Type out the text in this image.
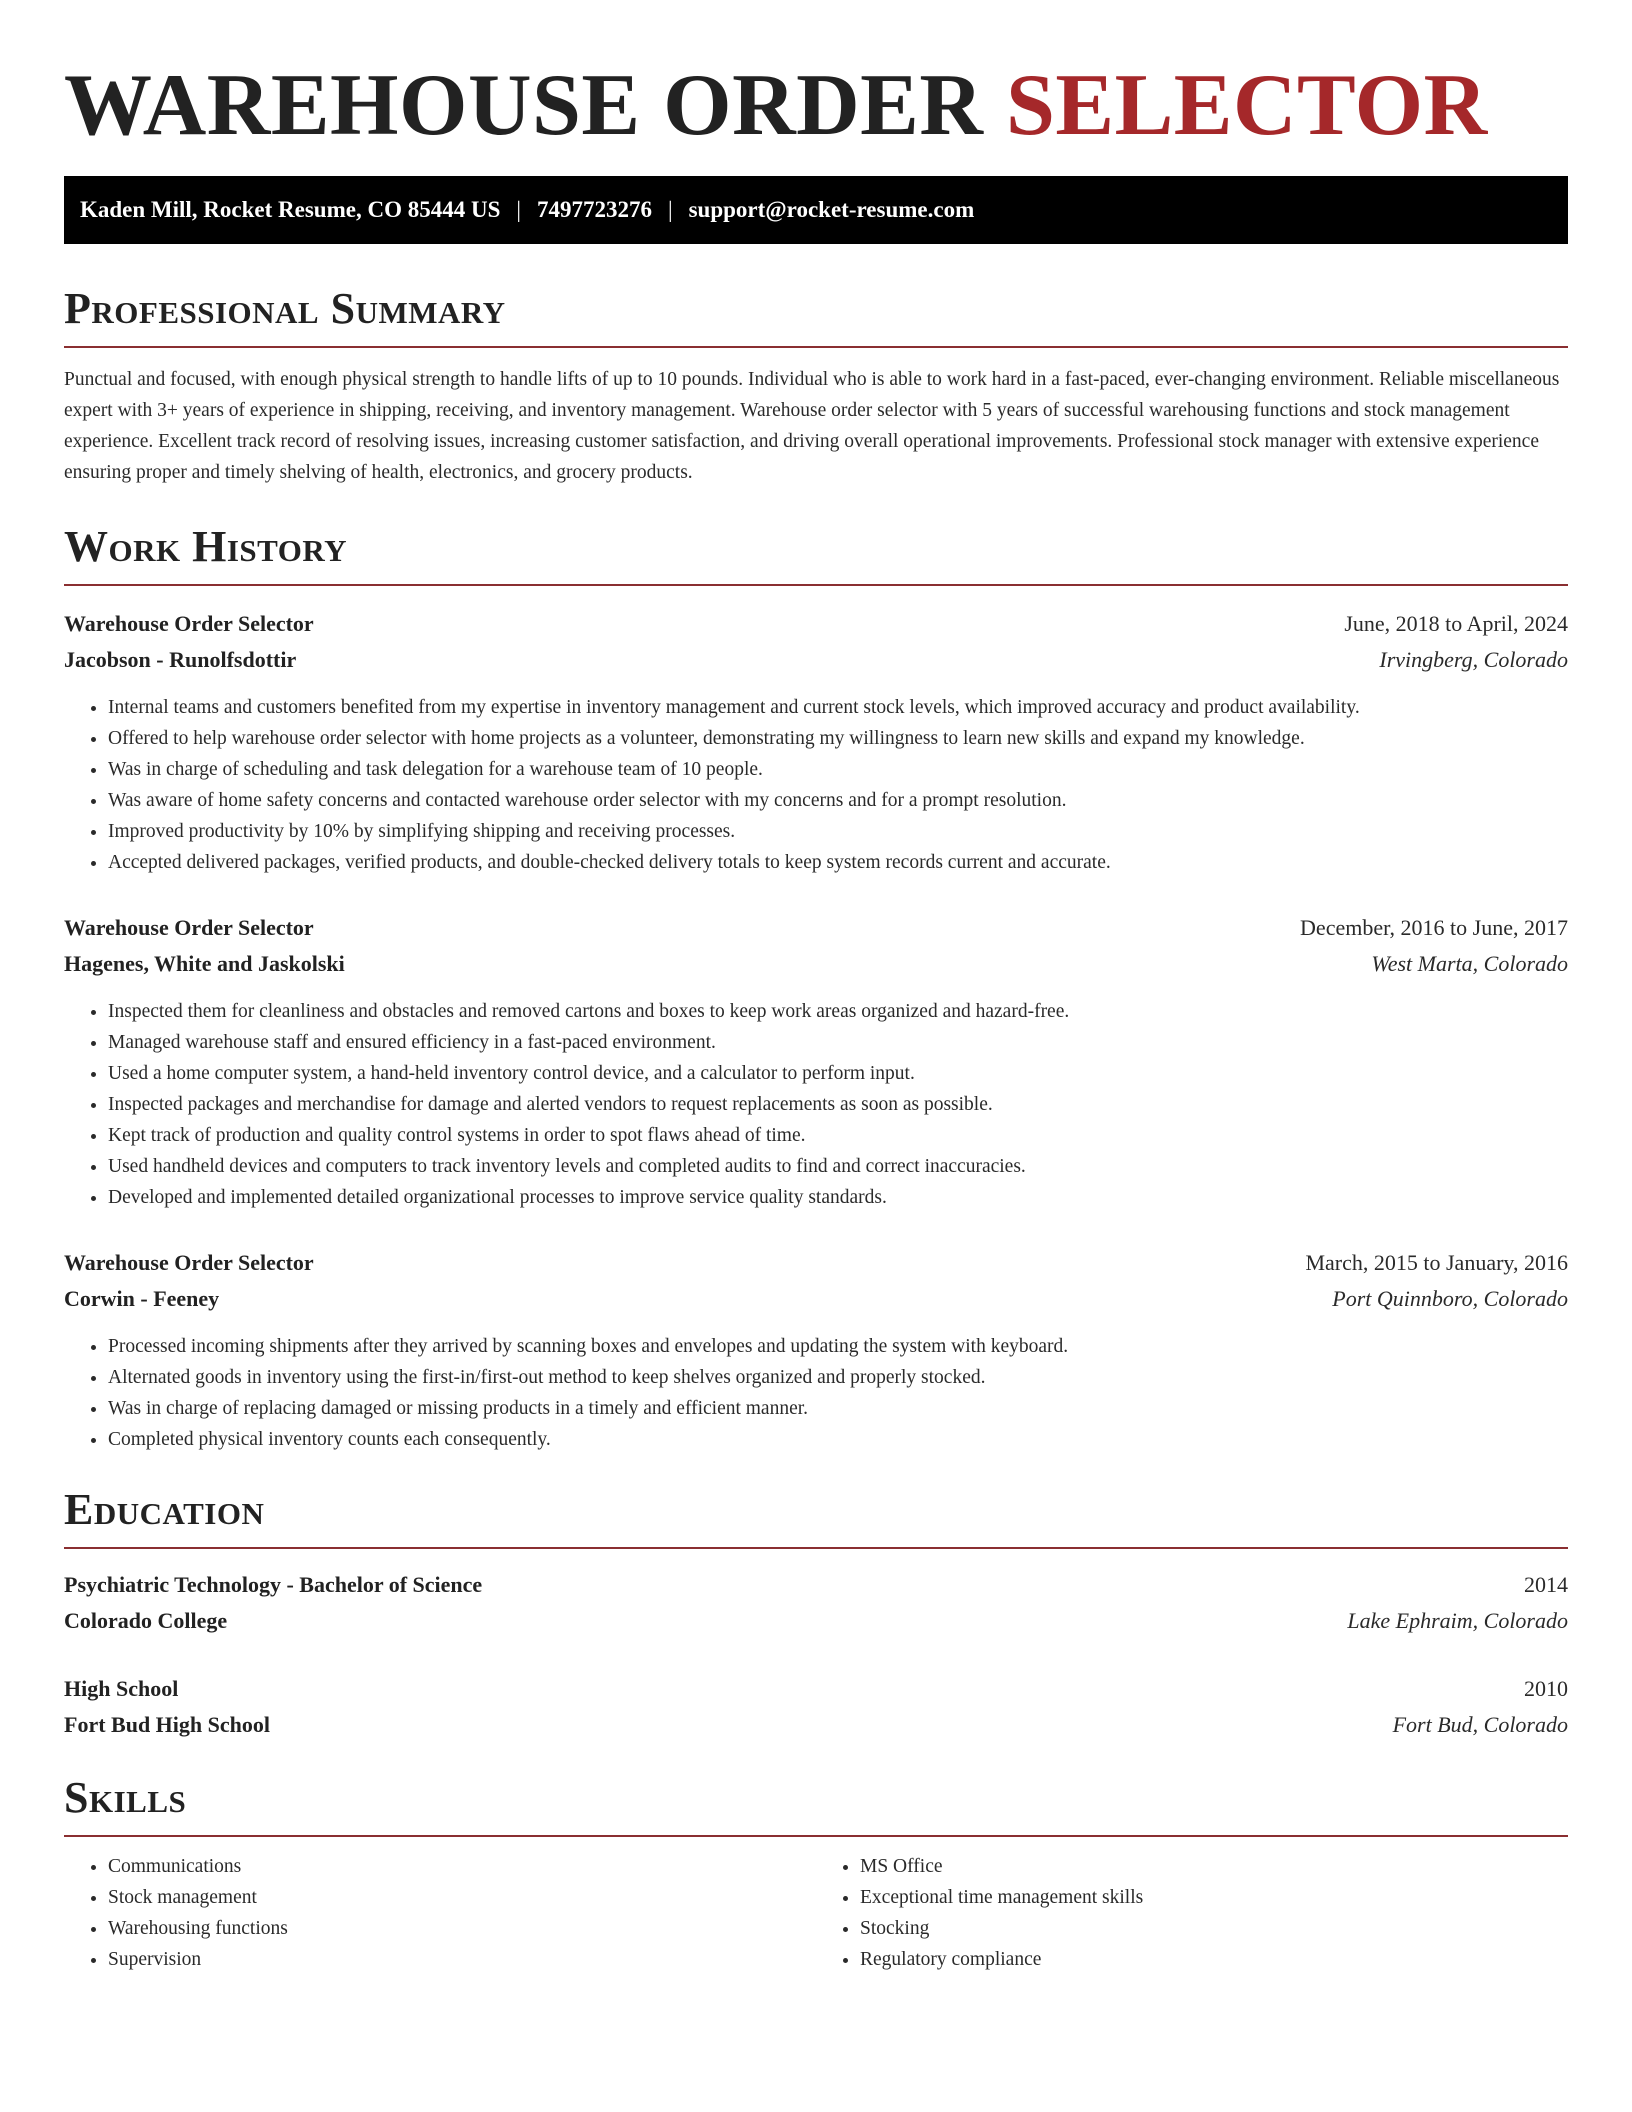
WAREHOUSE ORDER SELECTOR
Kaden Mill, Rocket Resume, CO 85444 US | 7497723276 | support@rocket-resume.com
Professional Summary
Punctual and focused, with enough physical strength to handle lifts of up to 10 pounds. Individual who is able to work hard in a fast-paced, ever-changing environment. Reliable miscellaneous expert with 3+ years of experience in shipping, receiving, and inventory management. Warehouse order selector with 5 years of successful warehousing functions and stock management experience. Excellent track record of resolving issues, increasing customer satisfaction, and driving overall operational improvements. Professional stock manager with extensive experience ensuring proper and timely shelving of health, electronics, and grocery products.
Work History
Warehouse Order Selector	June, 2018 to April, 2024
Jacobson - Runolfsdottir	Irvingberg, Colorado
• Internal teams and customers benefited from my expertise in inventory management and current stock levels, which improved accuracy and product availability.
• Offered to help warehouse order selector with home projects as a volunteer, demonstrating my willingness to learn new skills and expand my knowledge.
• Was in charge of scheduling and task delegation for a warehouse team of 10 people.
• Was aware of home safety concerns and contacted warehouse order selector with my concerns and for a prompt resolution.
• Improved productivity by 10% by simplifying shipping and receiving processes.
• Accepted delivered packages, verified products, and double-checked delivery totals to keep system records current and accurate.
Warehouse Order Selector	December, 2016 to June, 2017
Hagenes, White and Jaskolski	West Marta, Colorado
• Inspected them for cleanliness and obstacles and removed cartons and boxes to keep work areas organized and hazard-free.
• Managed warehouse staff and ensured efficiency in a fast-paced environment.
• Used a home computer system, a hand-held inventory control device, and a calculator to perform input.
• Inspected packages and merchandise for damage and alerted vendors to request replacements as soon as possible.
• Kept track of production and quality control systems in order to spot flaws ahead of time.
• Used handheld devices and computers to track inventory levels and completed audits to find and correct inaccuracies.
• Developed and implemented detailed organizational processes to improve service quality standards.
Warehouse Order Selector	March, 2015 to January, 2016
Corwin - Feeney	Port Quinnboro, Colorado
• Processed incoming shipments after they arrived by scanning boxes and envelopes and updating the system with keyboard.
• Alternated goods in inventory using the first-in/first-out method to keep shelves organized and properly stocked.
• Was in charge of replacing damaged or missing products in a timely and efficient manner.
• Completed physical inventory counts each consequently.
Education
Psychiatric Technology - Bachelor of Science	2014
Colorado College	Lake Ephraim, Colorado
High School	2010
Fort Bud High School	Fort Bud, Colorado
Skills
• Communications
• Stock management
• Warehousing functions
• Supervision
• MS Office
• Exceptional time management skills
• Stocking
• Regulatory compliance
